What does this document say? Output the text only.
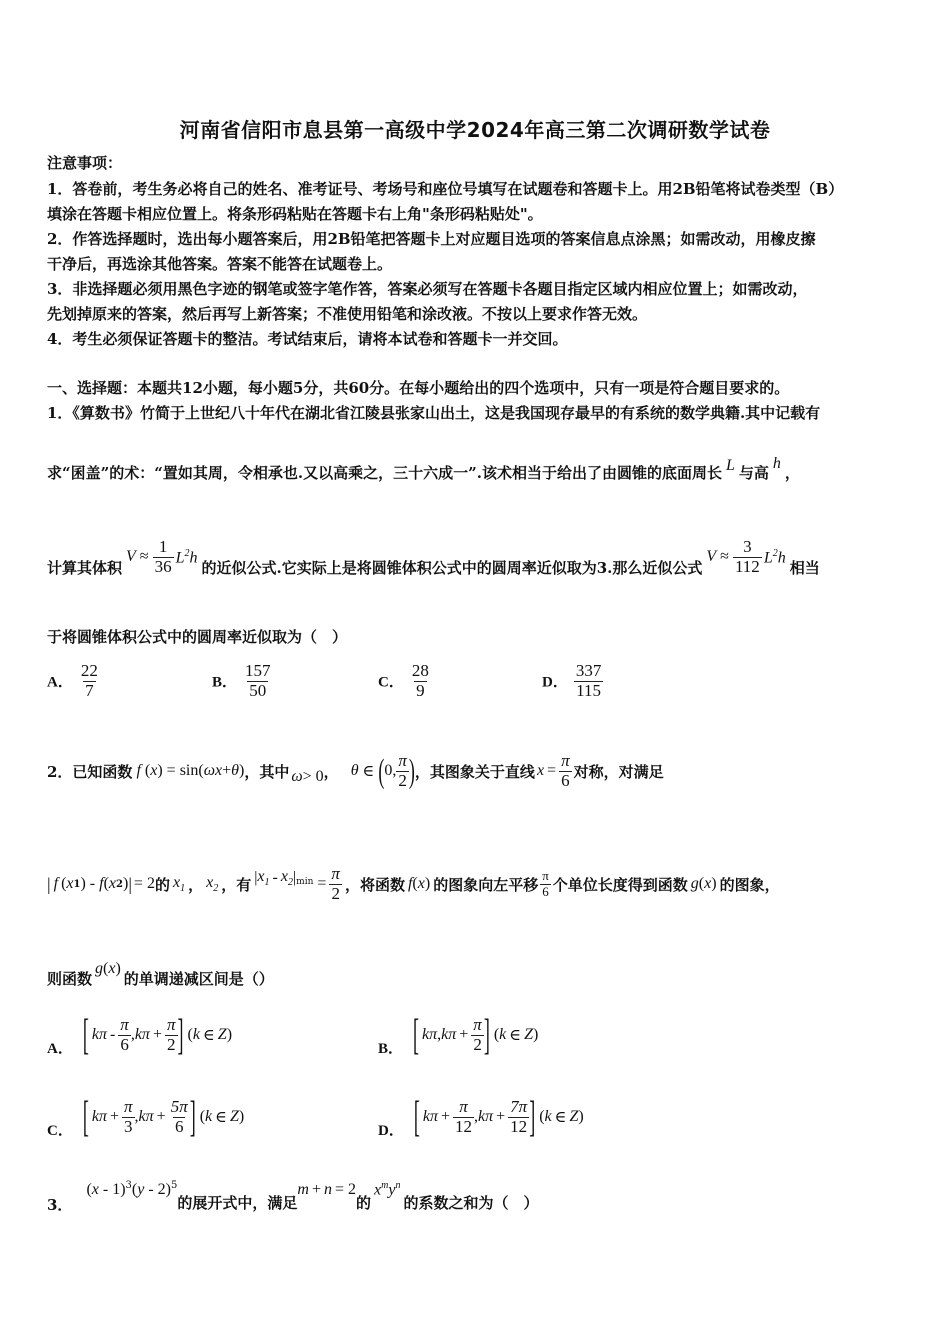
河南省信阳市息县第一高级中学2024年高三第二次调研数学试卷
注意事项：
1．答卷前，考生务必将自己的姓名、准考证号、考场号和座位号填写在试题卷和答题卡上。用2B铅笔将试卷类型（B）
填涂在答题卡相应位置上。将条形码粘贴在答题卡右上角"条形码粘贴处"。
2．作答选择题时，选出每小题答案后，用2B铅笔把答题卡上对应题目选项的答案信息点涂黑；如需改动，用橡皮擦
干净后，再选涂其他答案。答案不能答在试题卷上。
3．非选择题必须用黑色字迹的钢笔或签字笔作答，答案必须写在答题卡各题目指定区域内相应位置上；如需改动，
先划掉原来的答案，然后再写上新答案；不准使用铅笔和涂改液。不按以上要求作答无效。
4．考生必须保证答题卡的整洁。考试结束后，请将本试卷和答题卡一并交回。
一、选择题：本题共12小题，每小题5分，共60分。在每小题给出的四个选项中，只有一项是符合题目要求的。
1．《算数书》竹简于上世纪八十年代在湖北省江陵县张家山出土，这是我国现存最早的有系统的数学典籍.其中记载有
求“囷盖”的术：“置如其周，令相承也.又以高乘之，三十六成一”.该术相当于给出了由圆锥的底面周长 L 与高h，
计算其体积
$V \approx \frac{1}{36} L^2h$
的近似公式.它实际上是将圆锥体积公式中的圆周率近似取为3.那么近似公式
$V \approx \frac{3}{112} L^2h$
相当
于将圆锥体积公式中的圆周率近似取为（　）
A． $\frac{22}{7}$	B． $\frac{157}{50}$	C． $\frac{28}{9}$	D． $\frac{337}{115}$
2．已知函数 f ( x ) = sin( ωx + θ ) ，其中 ω > 0 ， θ ∈ ( 0, $\frac{\pi}{2}$ ) ，其图象关于直线 $x = \frac{\pi}{6}$ 对称，对满足
| f ( x 1 ) - f ( x 2 ) | = 2 的 $x_1$ ， $x_2$ ，有 | $x_1 - x_2$ | $\min = \frac{\pi}{2}$ ，将函数 f(x) 的图象向左平移 $\frac{\pi}{6}$ 个单位长度得到函数 g(x) 的图象，
则函数
g(x)
的单调递减区间是（）
A． [ kπ - $\frac{\pi}{6}$ , $k\pi + \frac{\pi}{2}$ ] ( k ∈ Z )
B． [ kπ , $k\pi + \frac{\pi}{2}$ ] ( k ∈ Z )
C． [ $k\pi + \frac{\pi}{3}$ , $k\pi + \frac{5\pi}{6}$ ] ( k ∈ Z )
D． [ $k\pi + \frac{\pi}{12}$ , $k\pi + \frac{7\pi}{12}$ ] ( k ∈ Z )
3．
(x - 1)$^3$(y - 2)$^5$
的展开式中，满足
m + n = 2
的
$x^my^n$
的系数之和为（　）
